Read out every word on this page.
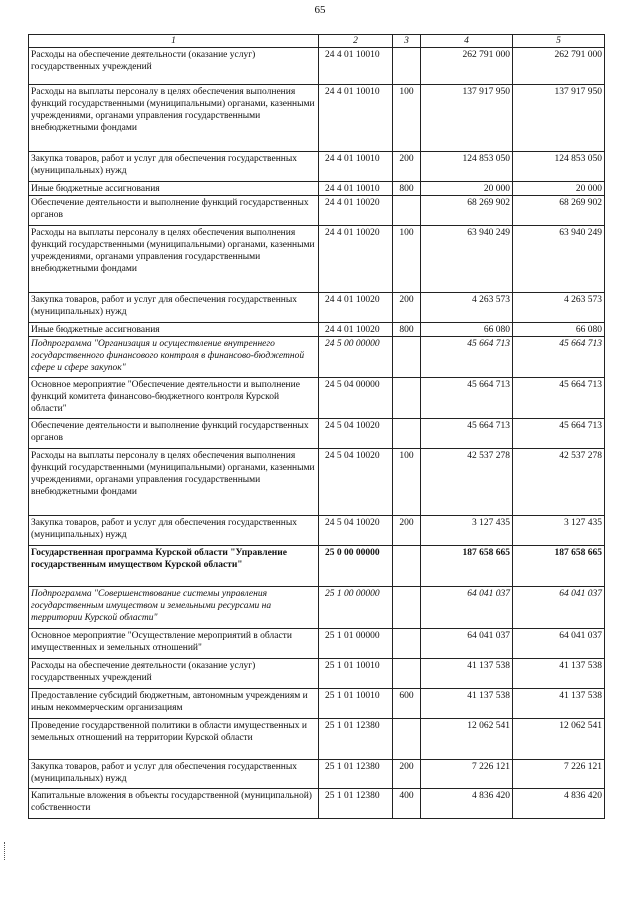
65
1	2	3	4	5
Расходы на обеспечение деятельности (оказание услуг) государственных учреждений	24 4 01 10010		262 791 000	262 791 000
Расходы на выплаты персоналу в целях обеспечения выполнения функций государственными (муниципальными) органами, казенными учреждениями, органами управления государственными внебюджетными фондами	24 4 01 10010	100	137 917 950	137 917 950
Закупка товаров, работ и услуг для обеспечения государственных (муниципальных) нужд	24 4 01 10010	200	124 853 050	124 853 050
Иные бюджетные ассигнования	24 4 01 10010	800	20 000	20 000
Обеспечение деятельности и выполнение функций государственных органов	24 4 01 10020		68 269 902	68 269 902
Расходы на выплаты персоналу в целях обеспечения выполнения функций государственными (муниципальными) органами, казенными учреждениями, органами управления государственными внебюджетными фондами	24 4 01 10020	100	63 940 249	63 940 249
Закупка товаров, работ и услуг для обеспечения государственных (муниципальных) нужд	24 4 01 10020	200	4 263 573	4 263 573
Иные бюджетные ассигнования	24 4 01 10020	800	66 080	66 080
Подпрограмма "Организация и осуществление внутреннего государственного финансового контроля в финансово-бюджетной сфере и сфере закупок"	24 5 00 00000		45 664 713	45 664 713
Основное мероприятие "Обеспечение деятельности и выполнение функций комитета финансово-бюджетного контроля Курской области"	24 5 04 00000		45 664 713	45 664 713
Обеспечение деятельности и выполнение функций государственных органов	24 5 04 10020		45 664 713	45 664 713
Расходы на выплаты персоналу в целях обеспечения выполнения функций государственными (муниципальными) органами, казенными учреждениями, органами управления государственными внебюджетными фондами	24 5 04 10020	100	42 537 278	42 537 278
Закупка товаров, работ и услуг для обеспечения государственных (муниципальных) нужд	24 5 04 10020	200	3 127 435	3 127 435
Государственная программа Курской области "Управление государственным имуществом Курской области"	25 0 00 00000		187 658 665	187 658 665
Подпрограмма "Совершенствование системы управления государственным имуществом и земельными ресурсами на территории Курской области"	25 1 00 00000		64 041 037	64 041 037
Основное мероприятие "Осуществление мероприятий в области имущественных и земельных отношений"	25 1 01 00000		64 041 037	64 041 037
Расходы на обеспечение деятельности (оказание услуг) государственных учреждений	25 1 01 10010		41 137 538	41 137 538
Предоставление субсидий бюджетным, автономным учреждениям и иным некоммерческим организациям	25 1 01 10010	600	41 137 538	41 137 538
Проведение государственной политики в области имущественных и земельных отношений на территории Курской области	25 1 01 12380		12 062 541	12 062 541
Закупка товаров, работ и услуг для обеспечения государственных (муниципальных) нужд	25 1 01 12380	200	7 226 121	7 226 121
Капитальные вложения в объекты государственной (муниципальной) собственности	25 1 01 12380	400	4 836 420	4 836 420
